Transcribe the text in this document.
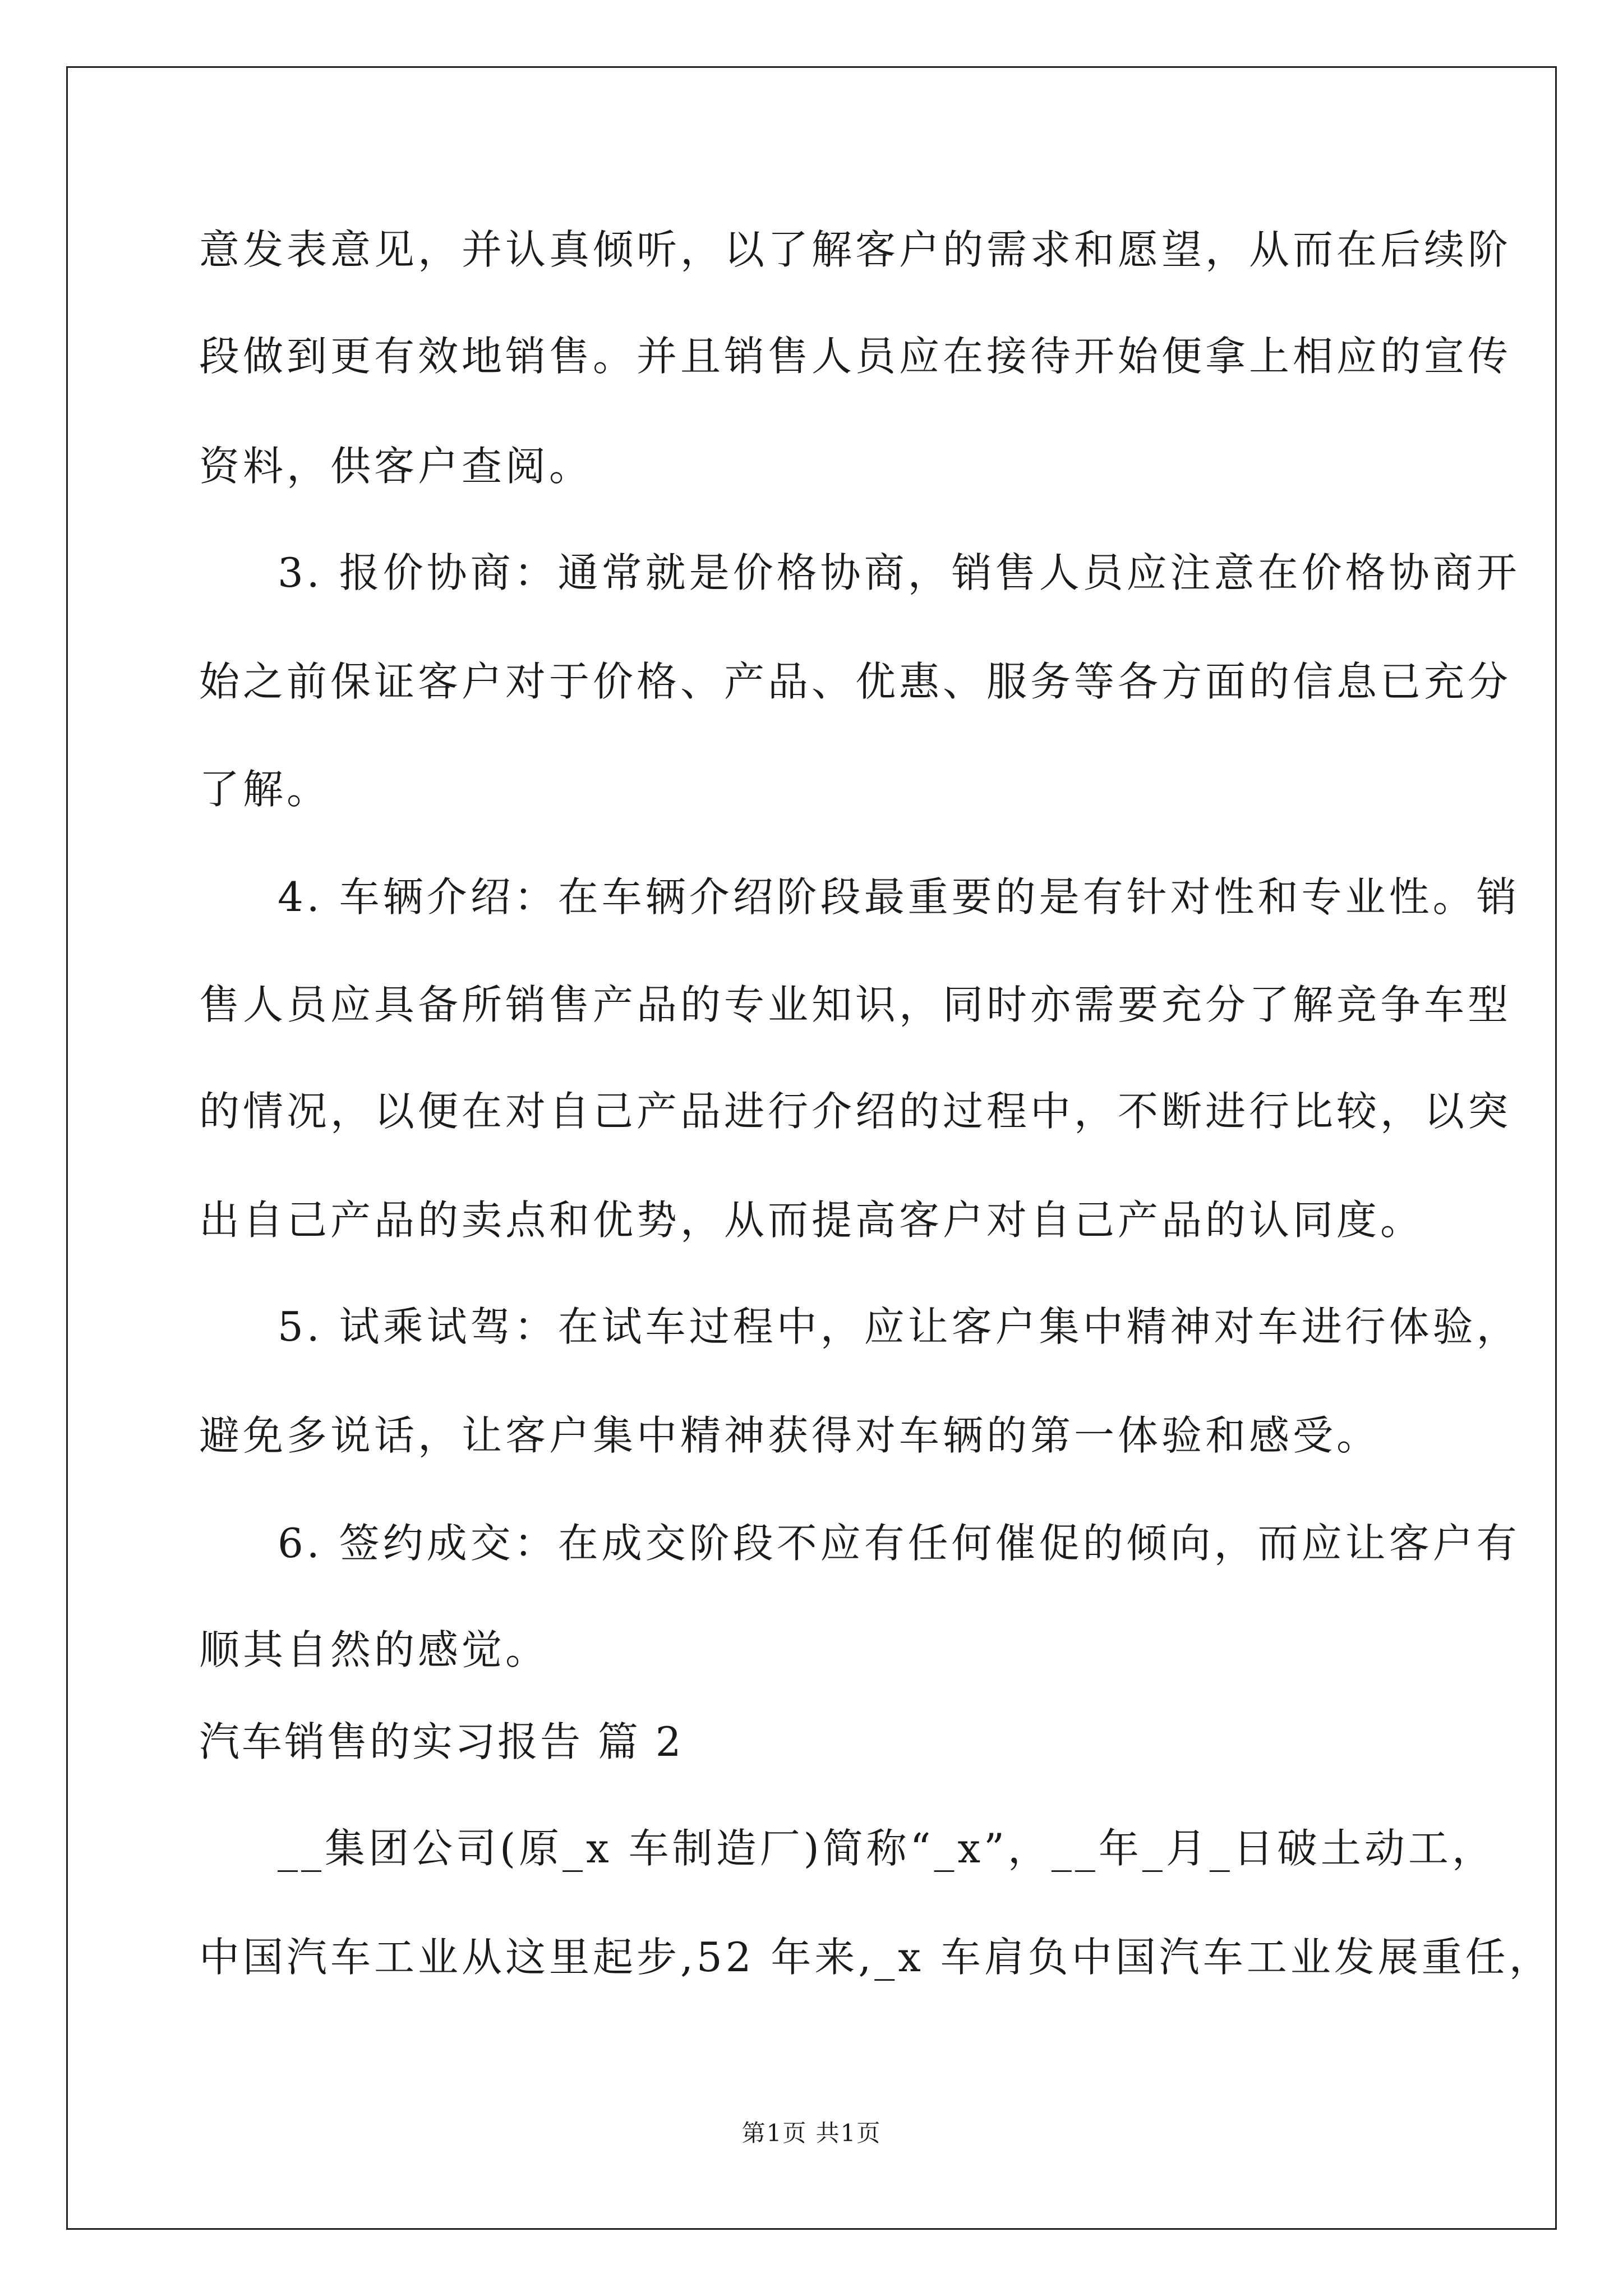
意发表意见，并认真倾听，以了解客户的需求和愿望，从而在后续阶
段做到更有效地销售。并且销售人员应在接待开始便拿上相应的宣传
资料，供客户查阅。
3. 报价协商：通常就是价格协商，销售人员应注意在价格协商开
始之前保证客户对于价格、产品、优惠、服务等各方面的信息已充分
了解。
4. 车辆介绍：在车辆介绍阶段最重要的是有针对性和专业性。销
售人员应具备所销售产品的专业知识，同时亦需要充分了解竞争车型
的情况，以便在对自己产品进行介绍的过程中，不断进行比较，以突
出自己产品的卖点和优势，从而提高客户对自己产品的认同度。
5. 试乘试驾：在试车过程中，应让客户集中精神对车进行体验，
避免多说话，让客户集中精神获得对车辆的第一体验和感受。
6. 签约成交：在成交阶段不应有任何催促的倾向，而应让客户有
顺其自然的感觉。
汽车销售的实习报告 篇 2
__集团公司(原_x 车制造厂)简称“_x”，__年_月_日破土动工，
中国汽车工业从这里起步,52 年来,_x 车肩负中国汽车工业发展重任，
第1页 共1页
